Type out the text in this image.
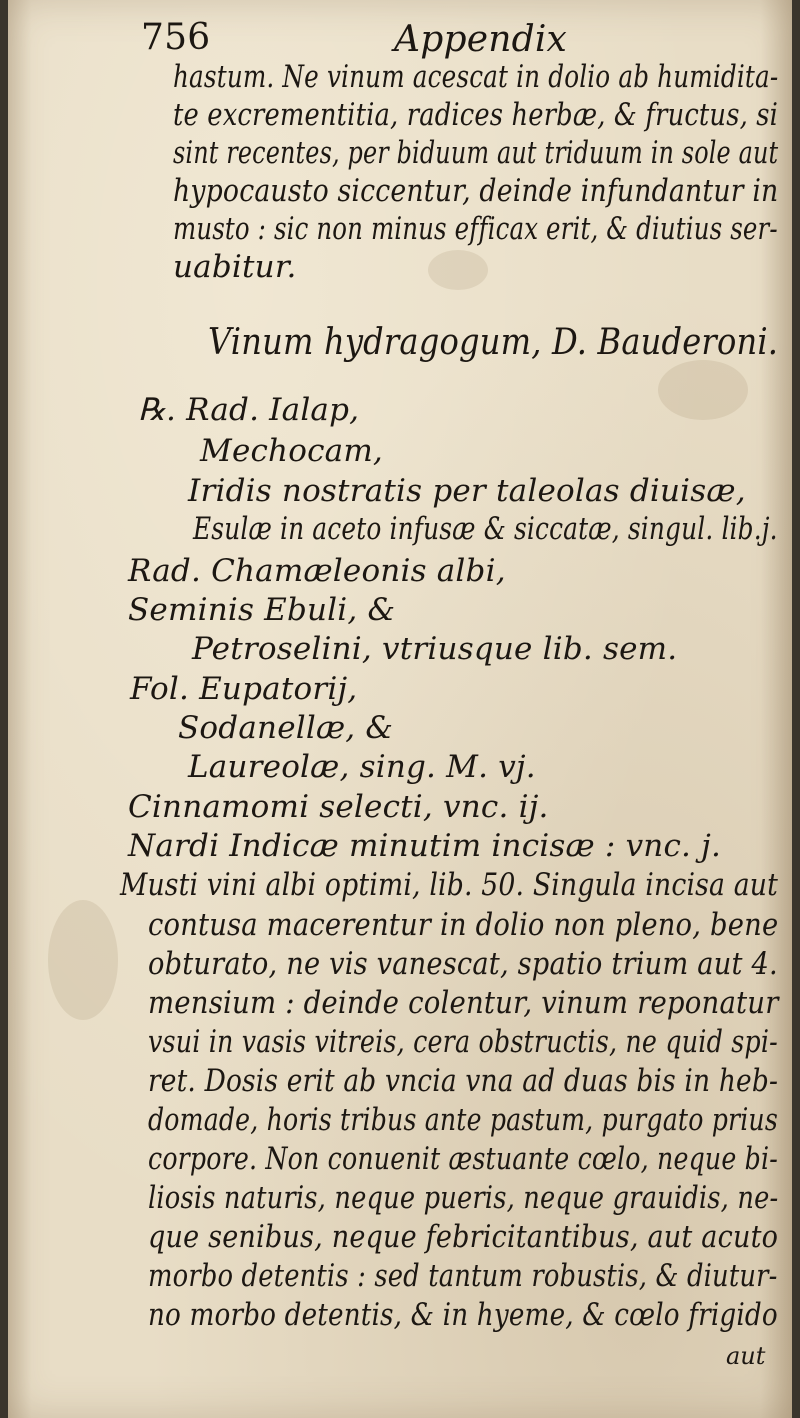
756	Appendix
hastum. Ne vinum acescat in dolio ab humidita-
te excrementitia, radices herbæ, & fructus, si
sint recentes, per biduum aut triduum in sole aut
hypocausto siccentur, deinde infundantur in
musto : sic non minus efficax erit, & diutius ser-
uabitur.
Vinum hydragogum, D. Bauderoni.
℞. Rad. Ialap,
Mechocam,
Iridis nostratis per taleolas diuisæ,
Esulæ in aceto infusæ & siccatæ, singul. lib.j.
Rad. Chamæleonis albi,
Seminis Ebuli, &
Petroselini, vtriusque lib. sem.
Fol. Eupatorij,
Sodanellæ, &
Laureolæ, sing. M. vj.
Cinnamomi selecti, vnc. ij.
Nardi Indicæ minutim incisæ : vnc. j.
Musti vini albi optimi, lib. 50. Singula incisa aut
contusa macerentur in dolio non pleno, bene
obturato, ne vis vanescat, spatio trium aut 4.
mensium : deinde colentur, vinum reponatur
vsui in vasis vitreis, cera obstructis, ne quid spi-
ret. Dosis erit ab vncia vna ad duas bis in heb-
domade, horis tribus ante pastum, purgato prius
corpore. Non conuenit æstuante cœlo, neque bi-
liosis naturis, neque pueris, neque grauidis, ne-
que senibus, neque febricitantibus, aut acuto
morbo detentis : sed tantum robustis, & diutur-
no morbo detentis, & in hyeme, & cœlo frigido
aut
